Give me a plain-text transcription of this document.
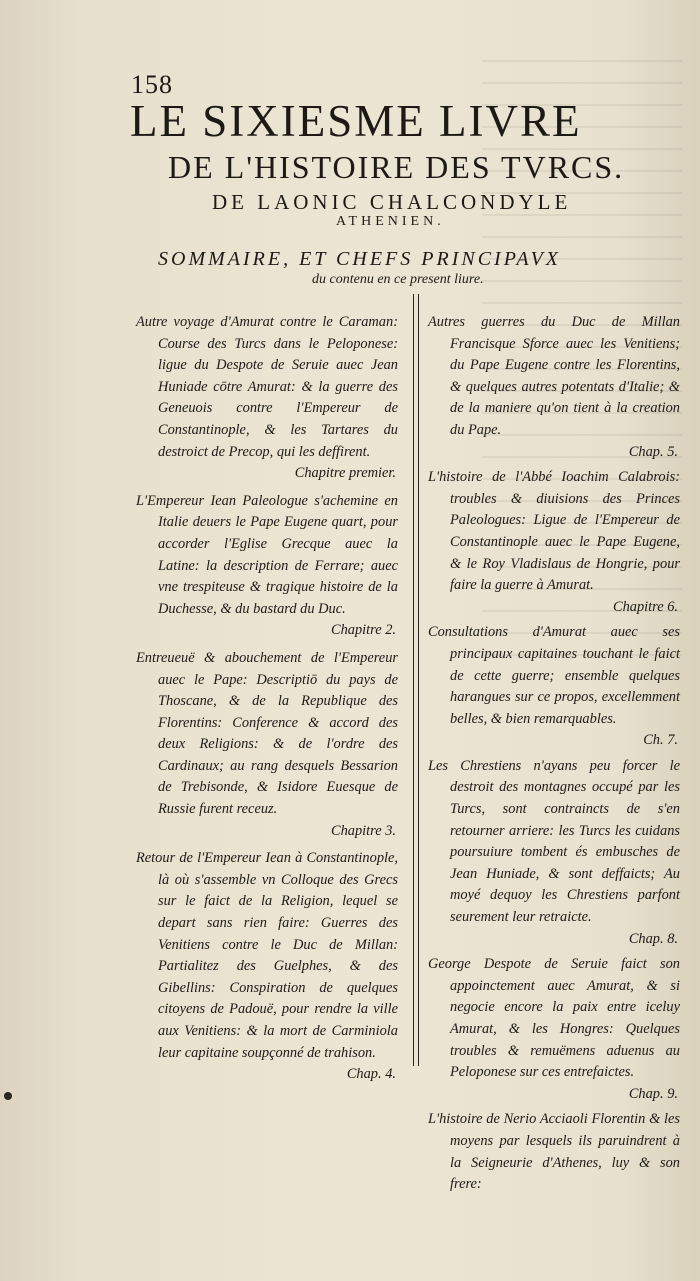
158
LE SIXIESME LIVRE
DE L'HISTOIRE DES TVRCS.
DE LAONIC CHALCONDYLE
ATHENIEN.
SOMMAIRE, ET CHEFS PRINCIPAVX
du contenu en ce present liure.

Autre voyage d'Amurat contre le Caraman: Course des Turcs dans le Peloponese: ligue du Despote de Seruie auec Jean Huniade cōtre Amurat: & la guerre des Geneuois contre l'Empereur de Constantinople, & les Tartares du destroict de Precop, qui les deffirent.
Chapitre premier.

L'Empereur Iean Paleologue s'achemine en Italie deuers le Pape Eugene quart, pour accorder l'Eglise Grecque auec la Latine: la description de Ferrare; auec vne trespiteuse & tragique histoire de la Duchesse, & du bastard du Duc.
Chapitre 2.

Entreueuë & abouchement de l'Empereur auec le Pape: Descriptiō du pays de Thoscane, & de la Republique des Florentins: Conference & accord des deux Religions: & de l'ordre des Cardinaux; au rang desquels Bessarion de Trebisonde, & Isidore Euesque de Russie furent receuz.
Chapitre 3.

Retour de l'Empereur Iean à Constantinople, là où s'assemble vn Colloque des Grecs sur le faict de la Religion, lequel se depart sans rien faire: Guerres des Venitiens contre le Duc de Millan: Partialitez des Guelphes, & des Gibellins: Conspiration de quelques citoyens de Padouë, pour rendre la ville aux Venitiens: & la mort de Carminiola leur capitaine soupçonné de trahison.
Chap. 4.

Autres guerres du Duc de Millan Francisque Sforce auec les Venitiens; du Pape Eugene contre les Florentins, & quelques autres potentats d'Italie; & de la maniere qu'on tient à la creation du Pape.
Chap. 5.

L'histoire de l'Abbé Ioachim Calabrois: troubles & diuisions des Princes Paleologues: Ligue de l'Empereur de Constantinople auec le Pape Eugene, & le Roy Vladislaus de Hongrie, pour faire la guerre à Amurat.
Chapitre 6.

Consultations d'Amurat auec ses principaux capitaines touchant le faict de cette guerre; ensemble quelques harangues sur ce propos, excellemment belles, & bien remarquables.
Ch. 7.

Les Chrestiens n'ayans peu forcer le destroit des montagnes occupé par les Turcs, sont contraincts de s'en retourner arriere: les Turcs les cuidans poursuiure tombent és embusches de Jean Huniade, & sont deffaicts; Au moyé dequoy les Chrestiens parfont seurement leur retraicte.
Chap. 8.

George Despote de Seruie faict son appoinctement auec Amurat, & si negocie encore la paix entre iceluy Amurat, & les Hongres: Quelques troubles & remuëmens aduenus au Peloponese sur ces entrefaictes.
Chap. 9.

L'histoire de Nerio Acciaoli Florentin & les moyens par lesquels ils paruindrent à la Seigneurie d'Athenes, luy & son frere:
